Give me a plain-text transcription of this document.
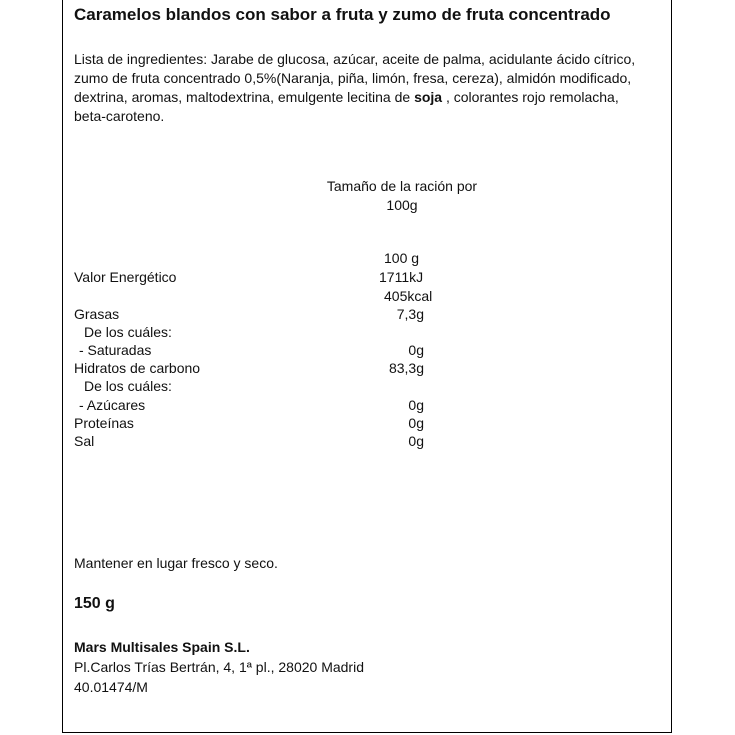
Caramelos blandos con sabor a fruta y zumo de fruta concentrado
Lista de ingredientes: Jarabe de glucosa, azúcar, aceite de palma, acidulante ácido cítrico, zumo de fruta concentrado 0,5%(Naranja, piña, limón, fresa, cereza), almidón modificado, dextrina, aromas, maltodextrina, emulgente lecitina de soja , colorantes rojo remolacha, beta-caroteno.
Tamaño de la ración por
100g
100 g
Valor Energético	1711kJ
405kcal
Grasas	7,3g
De los cuáles:
- Saturadas	0g
Hidratos de carbono	83,3g
De los cuáles:
- Azúcares	0g
Proteínas	0g
Sal	0g
Mantener en lugar fresco y seco.
150 g
Mars Multisales Spain S.L.
Pl.Carlos Trías Bertrán, 4, 1ª pl., 28020 Madrid
40.01474/M
